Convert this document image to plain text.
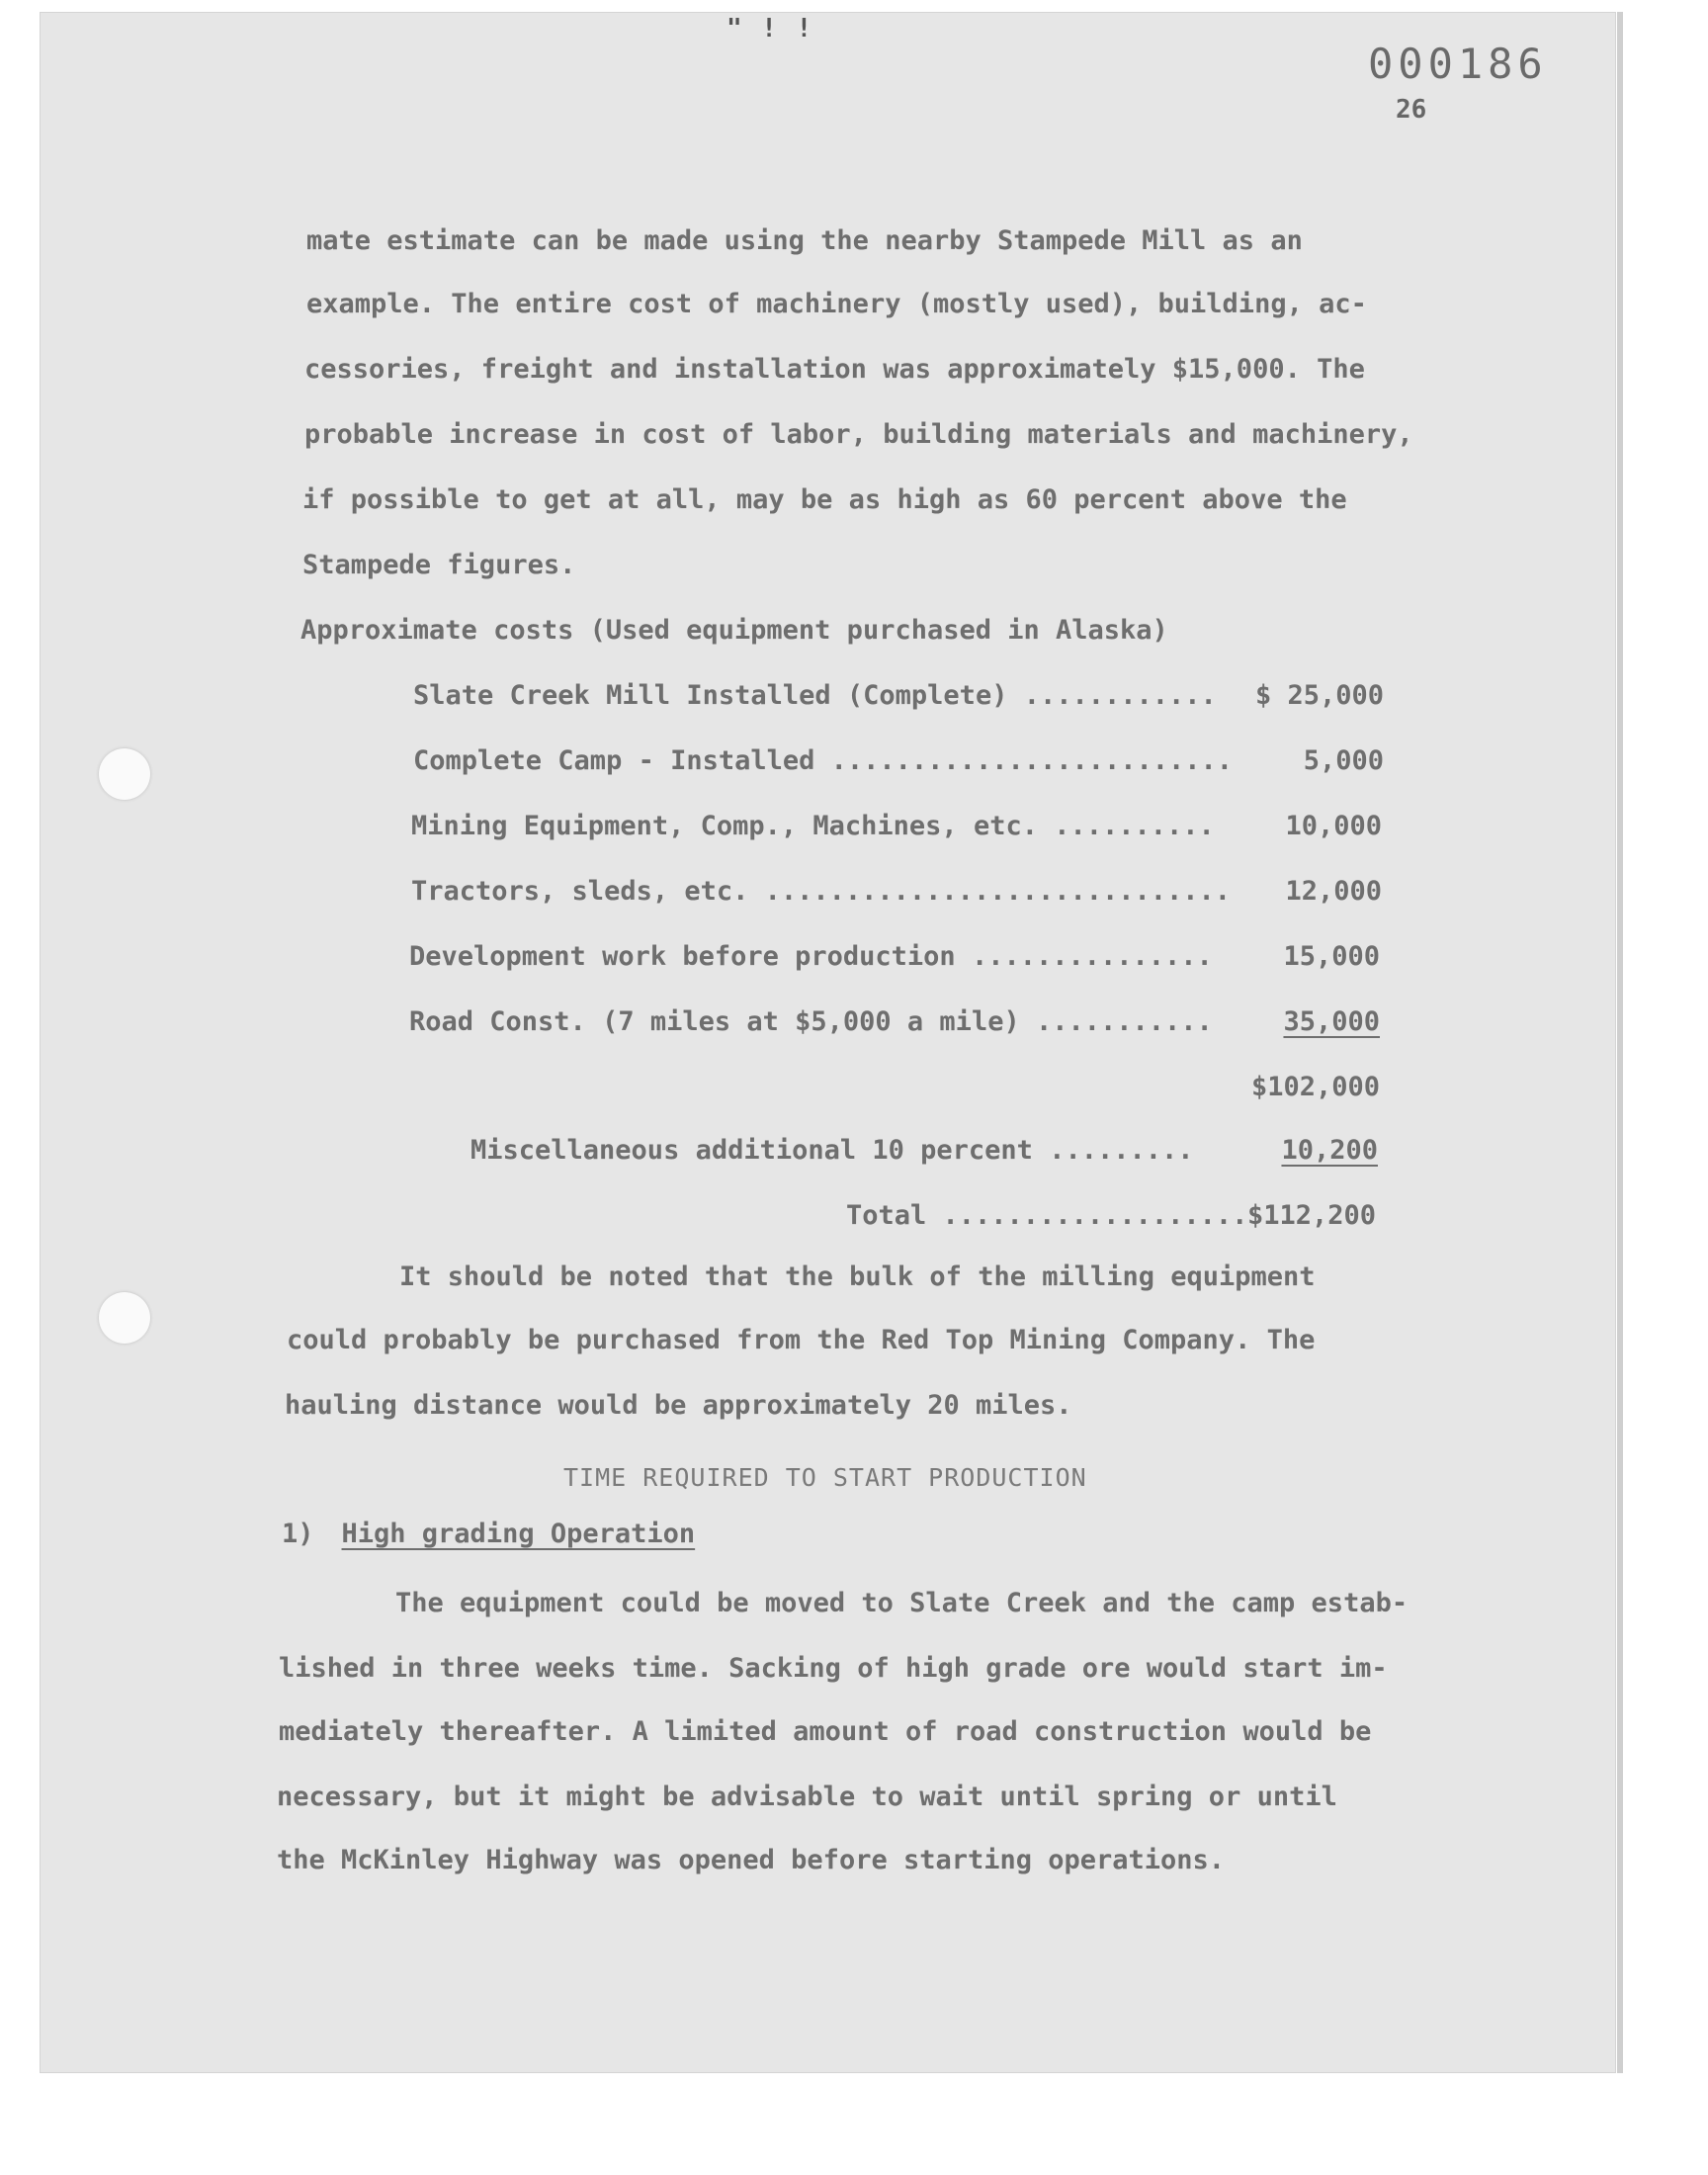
" ! !
000186
26
mate estimate can be made using the nearby Stampede Mill as an
example. The entire cost of machinery (mostly used), building, ac-
cessories, freight and installation was approximately $15,000. The
probable increase in cost of labor, building materials and machinery,
if possible to get at all, may be as high as 60 percent above the
Stampede figures.
Approximate costs (Used equipment purchased in Alaska)
Slate Creek Mill Installed (Complete) ............ $ 25,000
Complete Camp - Installed .........................	5,000
Mining Equipment, Comp., Machines, etc. ..........	10,000
Tractors, sleds, etc. ............................. 12,000
Development work before production ...............	15,000
Road Const. (7 miles at $5,000 a mile) ...........	35,000
$102,000
Miscellaneous additional 10 percent .........	10,200
Total ................... $112,200
It should be noted that the bulk of the milling equipment
could probably be purchased from the Red Top Mining Company. The
hauling distance would be approximately 20 miles.
TIME REQUIRED TO START PRODUCTION
1) High grading Operation
The equipment could be moved to Slate Creek and the camp estab-
lished in three weeks time. Sacking of high grade ore would start im-
mediately thereafter. A limited amount of road construction would be
necessary, but it might be advisable to wait until spring or until
the McKinley Highway was opened before starting operations.
